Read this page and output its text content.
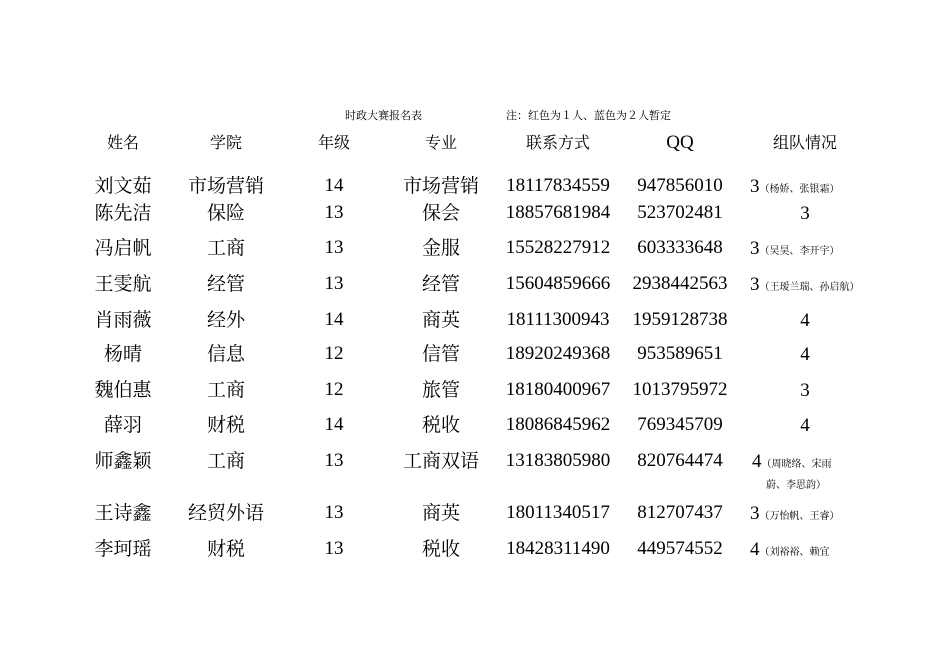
时政大赛报名表	注：红色为１人、蓝色为２人暂定
姓名	学院	年级	专业	联系方式	QQ	组队情况
刘文茹	市场营销	14	市场营销	18117834559	947856010	3（杨娇、张银霜）
陈先洁	保险	13	保会	18857681984	523702481	3
冯启帆	工商	13	金服	15528227912	603333648	3（吴昊、李开宇）
王雯航	经管	13	经管	15604859666	2938442563	3（王瑷兰瑞、孙启航）
肖雨薇	经外	14	商英	18111300943	1959128738	4
杨晴	信息	12	信管	18920249368	953589651	4
魏伯惠	工商	12	旅管	18180400967	1013795972	3
薛羽	财税	14	税收	18086845962	769345709	4
师鑫颖	工商	13	工商双语	13183805980	820764474	4（周晓络、宋雨
蔚、李思韵）
王诗鑫	经贸外语	13	商英	18011340517	812707437	3（万怡帆、王睿）
李珂瑶	财税	13	税收	18428311490	449574552	4（刘裕裕、赖宜
